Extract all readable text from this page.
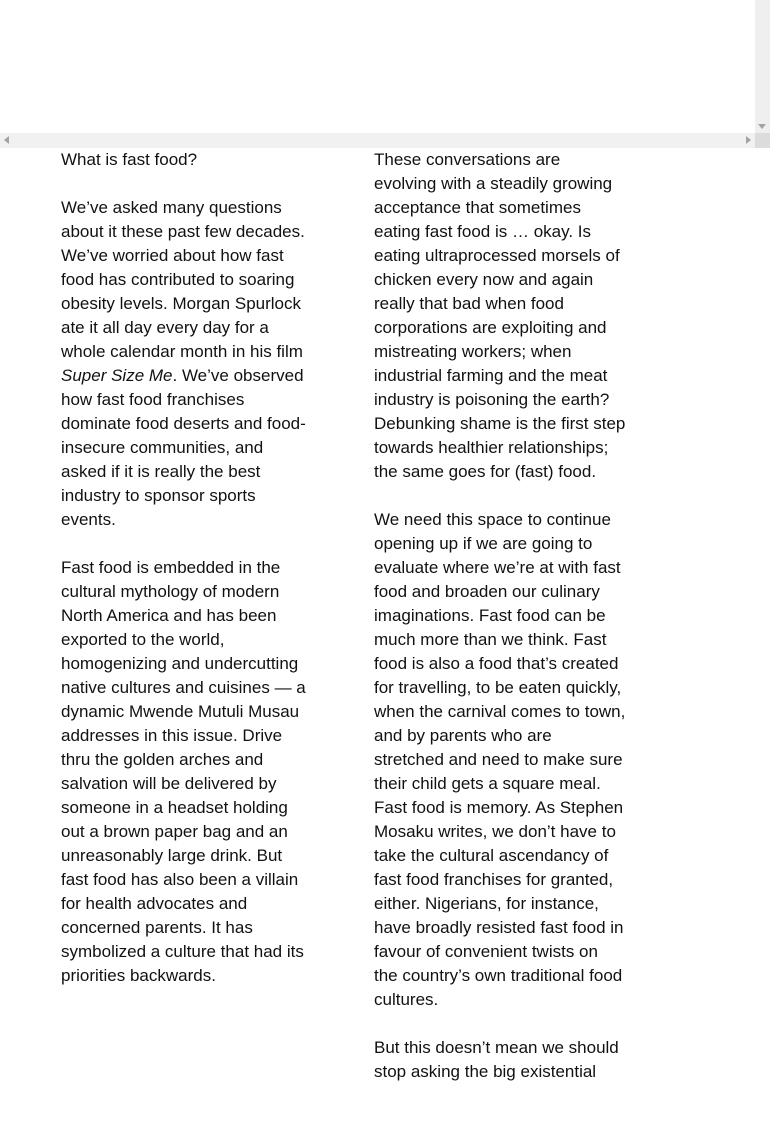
What is fast food?

We’ve asked many questions about it these past few decades. We’ve worried about how fast food has contributed to soaring obesity levels. Morgan Spurlock ate it all day every day for a whole calendar month in his film Super Size Me. We’ve observed how fast food franchises dominate food deserts and food-insecure communities, and asked if it is really the best industry to sponsor sports events.

Fast food is embedded in the cultural mythology of modern North America and has been exported to the world, homogenizing and undercutting native cultures and cuisines — a dynamic Mwende Mutuli Musau addresses in this issue. Drive thru the golden arches and salvation will be delivered by someone in a headset holding out a brown paper bag and an unreasonably large drink. But fast food has also been a villain for health advocates and concerned parents. It has symbolized a culture that had its priorities backwards.

These conversations are evolving with a steadily growing acceptance that sometimes eating fast food is … okay. Is eating ultraprocessed morsels of chicken every now and again really that bad when food corporations are exploiting and mistreating workers; when industrial farming and the meat industry is poisoning the earth? Debunking shame is the first step towards healthier relationships; the same goes for (fast) food.

We need this space to continue opening up if we are going to evaluate where we’re at with fast food and broaden our culinary imaginations. Fast food can be much more than we think. Fast food is also a food that’s created for travelling, to be eaten quickly, when the carnival comes to town, and by parents who are stretched and need to make sure their child gets a square meal. Fast food is memory. As Stephen Mosaku writes, we don’t have to take the cultural ascendancy of fast food franchises for granted, either. Nigerians, for instance, have broadly resisted fast food in favour of convenient twists on the country’s own traditional food cultures.

But this doesn’t mean we should stop asking the big existential
